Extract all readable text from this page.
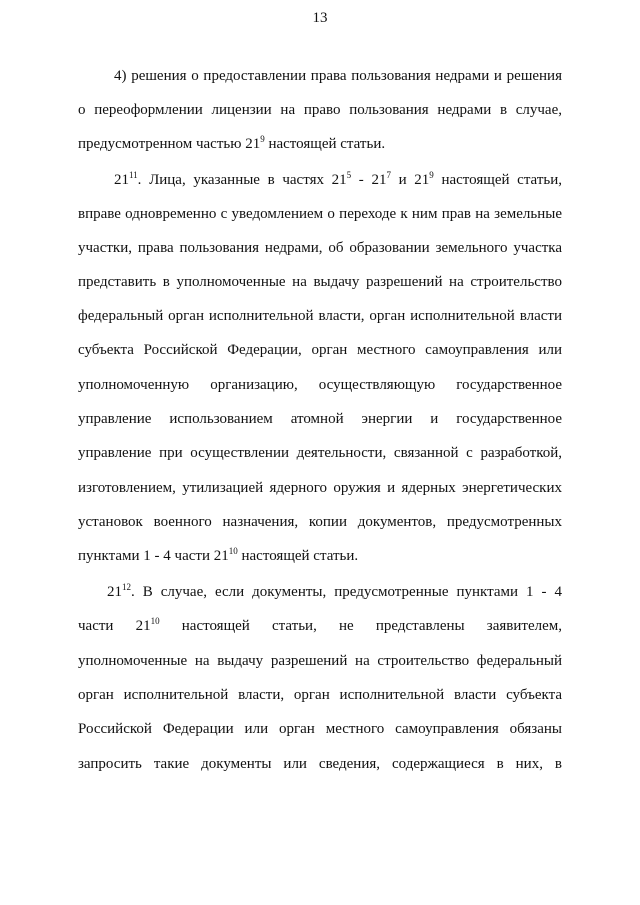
13
4) решения о предоставлении права пользования недрами и решения
о переоформлении лицензии на право пользования недрами в случае,
предусмотренном частью $21^9$ настоящей статьи.
$21^{11}$. Лица, указанные в частях $21^5 - 21^7$ и $21^9$ настоящей статьи,
вправе одновременно с уведомлением о переходе к ним прав на земельные
участки, права пользования недрами, об образовании земельного участка
представить в уполномоченные на выдачу разрешений на строительство
федеральный орган исполнительной власти, орган исполнительной власти
субъекта Российской Федерации, орган местного самоуправления или
уполномоченную организацию, осуществляющую государственное
управление использованием атомной энергии и государственное
управление при осуществлении деятельности, связанной с разработкой,
изготовлением, утилизацией ядерного оружия и ядерных энергетических
установок военного назначения, копии документов, предусмотренных
пунктами 1 - 4 части $21^{10}$ настоящей статьи.
$21^{12}$. В случае, если документы, предусмотренные пунктами 1 - 4
части $21^{10}$ настоящей статьи, не представлены заявителем,
уполномоченные на выдачу разрешений на строительство федеральный
орган исполнительной власти, орган исполнительной власти субъекта
Российской Федерации или орган местного самоуправления обязаны
запросить такие документы или сведения, содержащиеся в них, в
